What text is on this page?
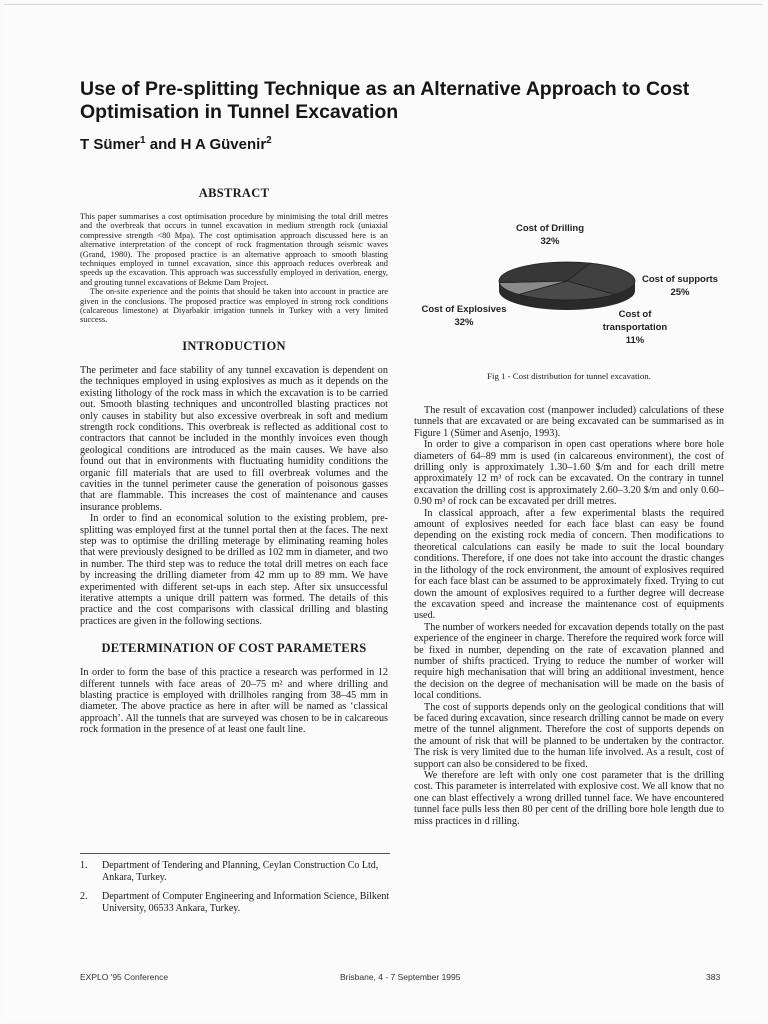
Use of Pre-splitting Technique as an Alternative Approach to Cost Optimisation in Tunnel Excavation
T Sümer$^1$ and H A Güvenir$^2$
ABSTRACT

This paper summarises a cost optimisation procedure by minimising the total drill metres and the overbreak that occurs in tunnel excavation in medium strength rock (uniaxial compressive strength <80 Mpa). The cost optimisation approach discussed here is an alternative interpretation of the concept of rock fragmentation through seismic waves (Grand, 1980). The proposed practice is an alternative approach to smooth blasting techniques employed in tunnel excavation, since this approach reduces overbreak and speeds up the excavation. This approach was successfully employed in derivation, energy, and grouting tunnel excavations of Bekme Dam Project.

The on-site experience and the points that should be taken into account in practice are given in the conclusions. The proposed practice was employed in strong rock conditions (calcareous limestone) at Diyarbakir irrigation tunnels in Turkey with a very limited success.

INTRODUCTION

The perimeter and face stability of any tunnel excavation is dependent on the techniques employed in using explosives as much as it depends on the existing lithology of the rock mass in which the excavation is to be carried out. Smooth blasting techniques and uncontrolled blasting practices not only causes in stability but also excessive overbreak in soft and medium strength rock conditions. This overbreak is reflected as additional cost to contractors that cannot be included in the monthly invoices even though geological conditions are introduced as the main causes. We have also found out that in environments with fluctuating humidity conditions the organic fill materials that are used to fill overbreak volumes and the cavities in the tunnel perimeter cause the generation of poisonous gasses that are flammable. This increases the cost of maintenance and causes insurance problems.

In order to find an economical solution to the existing problem, pre-splitting was employed first at the tunnel portal then at the faces. The next step was to optimise the drilling meterage by eliminating reaming holes that were previously designed to be drilled as 102 mm in diameter, and two in number. The third step was to reduce the total drill metres on each face by increasing the drilling diameter from 42 mm up to 89 mm. We have experimented with different set-ups in each step. After six unsuccessful iterative attempts a unique drill pattern was formed. The details of this practice and the cost comparisons with classical drilling and blasting practices are given in the following sections.

DETERMINATION OF COST PARAMETERS

In order to form the base of this practice a research was performed in 12 different tunnels with face areas of 20–75 m² and where drilling and blasting practice is employed with drillholes ranging from 38–45 mm in diameter. The above practice as here in after will be named as ‘classical approach’. All the tunnels that are surveyed was chosen to be in calcareous rock formation in the presence of at least one fault line.

1.	Department of Tendering and Planning, Ceylan Construction Co Ltd, Ankara, Turkey.
2.	Department of Computer Engineering and Information Science, Bilkent University, 06533 Ankara, Turkey.
Cost of Drilling
32%
Cost of supports
25%
Cost of transportation
11%
Cost of Explosives
32%
Fig 1 - Cost distribution for tunnel excavation.

The result of excavation cost (manpower included) calculations of these tunnels that are excavated or are being excavated can be summarised as in Figure 1 (Sümer and Asenjo, 1993).

In order to give a comparison in open cast operations where bore hole diameters of 64–89 mm is used (in calcareous environment), the cost of drilling only is approximately 1.30–1.60 $/m and for each drill metre approximately 12 m³ of rock can be excavated. On the contrary in tunnel excavation the drilling cost is approximately 2.60–3.20 $/m and only 0.60–0.90 m³ of rock can be excavated per drill metres.

In classical approach, after a few experimental blasts the required amount of explosives needed for each face blast can easy be found depending on the existing rock media of concern. Then modifications to theoretical calculations can easily be made to suit the local boundary conditions. Therefore, if one does not take into account the drastic changes in the lithology of the rock environment, the amount of explosives required for each face blast can be assumed to be approximately fixed. Trying to cut down the amount of explosives required to a further degree will decrease the excavation speed and increase the maintenance cost of equipments used.

The number of workers needed for excavation depends totally on the past experience of the engineer in charge. Therefore the required work force will be fixed in number, depending on the rate of excavation planned and number of shifts practiced. Trying to reduce the number of worker will require high mechanisation that will bring an additional investment, hence the decision on the degree of mechanisation will be made on the basis of local conditions.

The cost of supports depends only on the geological conditions that will be faced during excavation, since research drilling cannot be made on every metre of the tunnel alignment. Therefore the cost of supports depends on the amount of risk that will be planned to be undertaken by the contractor. The risk is very limited due to the human life involved. As a result, cost of support can also be considered to be fixed.

We therefore are left with only one cost parameter that is the drilling cost. This parameter is interrelated with explosive cost. We all know that no one can blast effectively a wrong drilled tunnel face. We have encountered tunnel face pulls less then 80 per cent of the drilling bore hole length due to miss practices in d rilling.

EXPLO '95 Conference	Brisbane, 4 - 7 September 1995	383
